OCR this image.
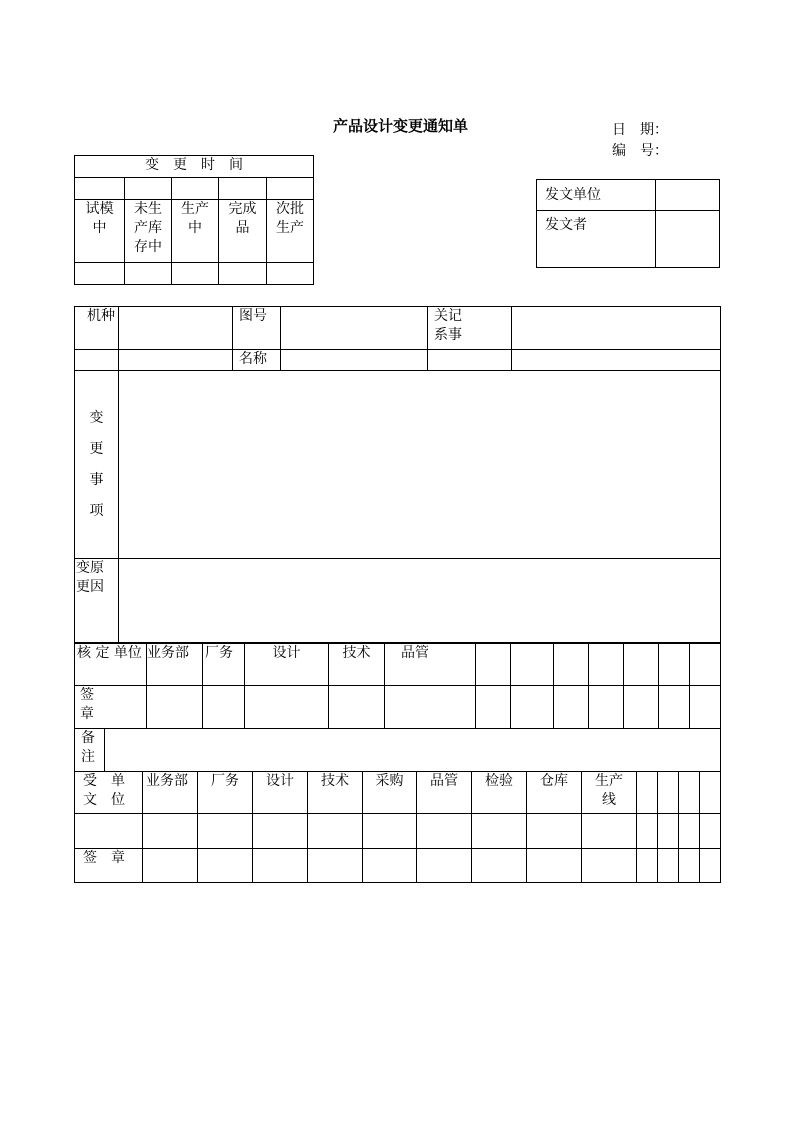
产品设计变更通知单	日　期：
编　号：
变　更　时　间				

试模中	未生产库存中	生产中	完成品	次批生产

发文单位	
发文者	
机种		图号		关记系事	

		名称			

变
更
事
项					

变原更因					

核 定 单位	业务部	厂务	设计	技术	品管							

签章												

备注

受　单文　位	业务部	厂务	设计	技术	采购	品管	检验	仓库	生产线				

签　章													
